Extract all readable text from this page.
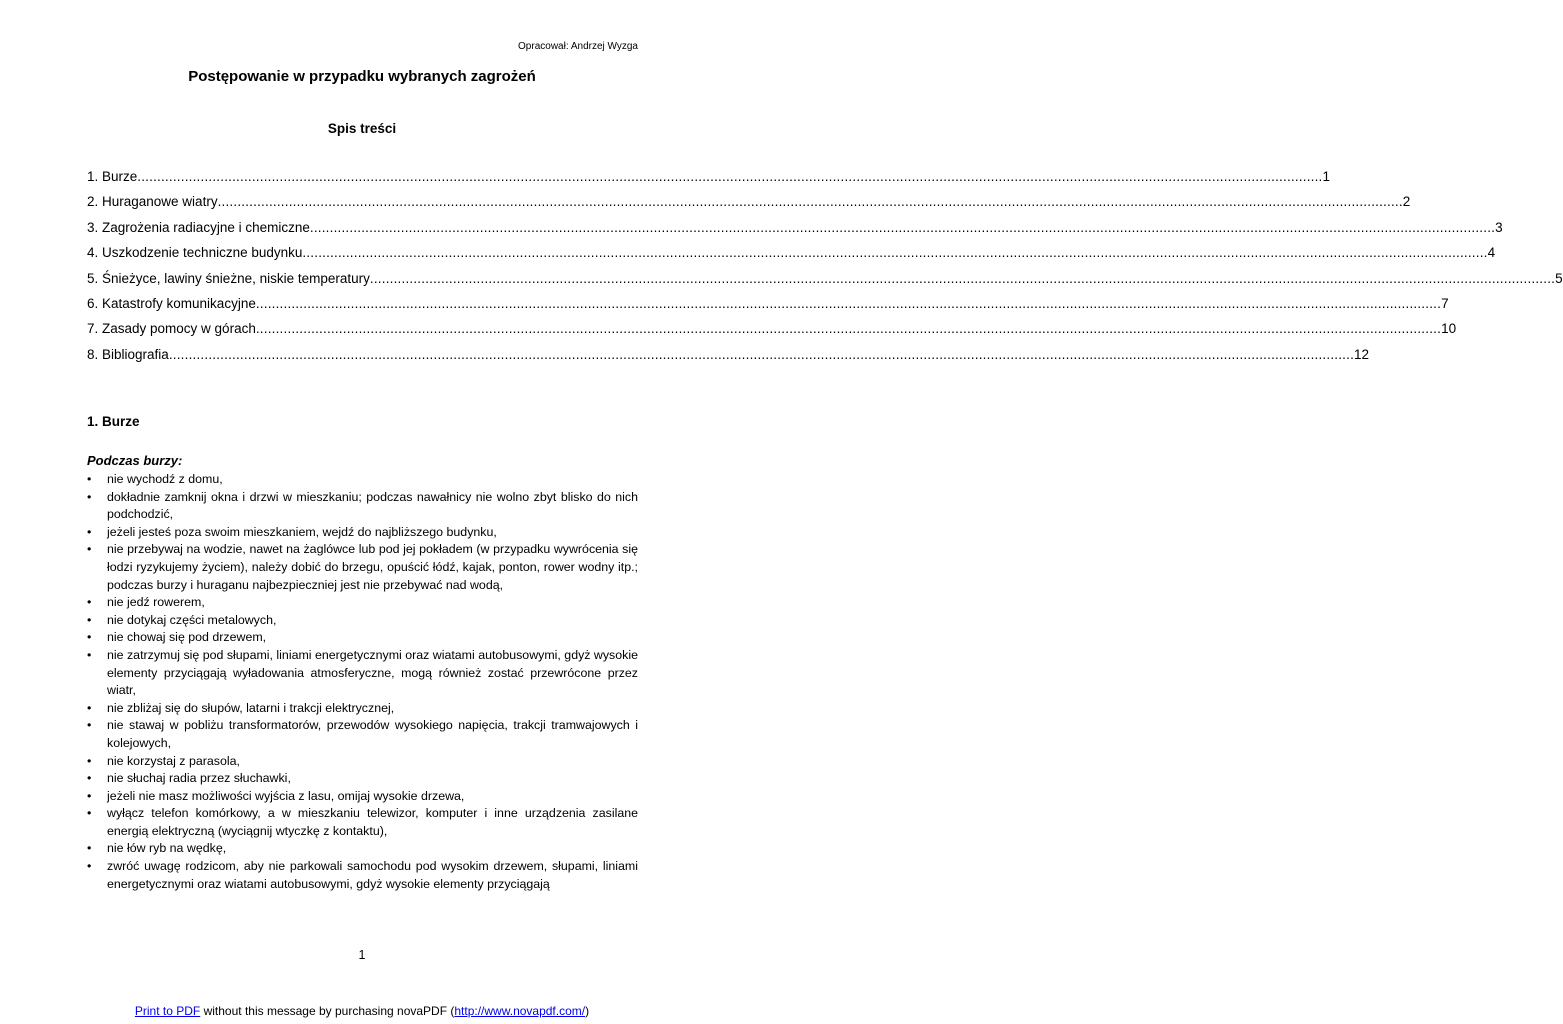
Opracował: Andrzej Wyzga
Postępowanie w przypadku wybranych zagrożeń
Spis treści
1. Burze ............................................................................................................................................................................................................................................................................................................ 1
2. Huraganowe wiatry ............................................................................................................................................................................................................................................................................................................ 2
3. Zagrożenia radiacyjne i chemiczne ............................................................................................................................................................................................................................................................................................................ 3
4. Uszkodzenie techniczne budynku ............................................................................................................................................................................................................................................................................................................ 4
5. Śnieżyce, lawiny śnieżne, niskie temperatury ............................................................................................................................................................................................................................................................................................................ 5
6. Katastrofy komunikacyjne ............................................................................................................................................................................................................................................................................................................ 7
7. Zasady pomocy w górach ............................................................................................................................................................................................................................................................................................................ 10
8. Bibliografia ............................................................................................................................................................................................................................................................................................................ 12
1. Burze
Podczas burzy:
•	nie wychodź z domu,
•	dokładnie zamknij okna i drzwi w mieszkaniu; podczas nawałnicy nie wolno zbyt blisko do nich podchodzić,
•	jeżeli jesteś poza swoim mieszkaniem, wejdź do najbliższego budynku,
•	nie przebywaj na wodzie, nawet na żaglówce lub pod jej pokładem (w przypadku wywrócenia się łodzi ryzykujemy życiem), należy dobić do brzegu, opuścić łódź, kajak, ponton, rower wodny itp.; podczas burzy i huraganu najbezpieczniej jest nie przebywać nad wodą,
•	nie jedź rowerem,
•	nie dotykaj części metalowych,
•	nie chowaj się pod drzewem,
•	nie zatrzymuj się pod słupami, liniami energetycznymi oraz wiatami autobusowymi, gdyż wysokie elementy przyciągają wyładowania atmosferyczne, mogą również zostać przewrócone przez wiatr,
•	nie zbliżaj się do słupów, latarni i trakcji elektrycznej,
•	nie stawaj w pobliżu transformatorów, przewodów wysokiego napięcia, trakcji tramwajowych i kolejowych,
•	nie korzystaj z parasola,
•	nie słuchaj radia przez słuchawki,
•	jeżeli nie masz możliwości wyjścia z lasu, omijaj wysokie drzewa,
•	wyłącz telefon komórkowy, a w mieszkaniu telewizor, komputer i inne urządzenia zasilane energią elektryczną (wyciągnij wtyczkę z kontaktu),
•	nie łów ryb na wędkę,
•	zwróć uwagę rodzicom, aby nie parkowali samochodu pod wysokim drzewem, słupami, liniami energetycznymi oraz wiatami autobusowymi, gdyż wysokie elementy przyciągają
1
Print to PDF without this message by purchasing novaPDF (http://www.novapdf.com/)
